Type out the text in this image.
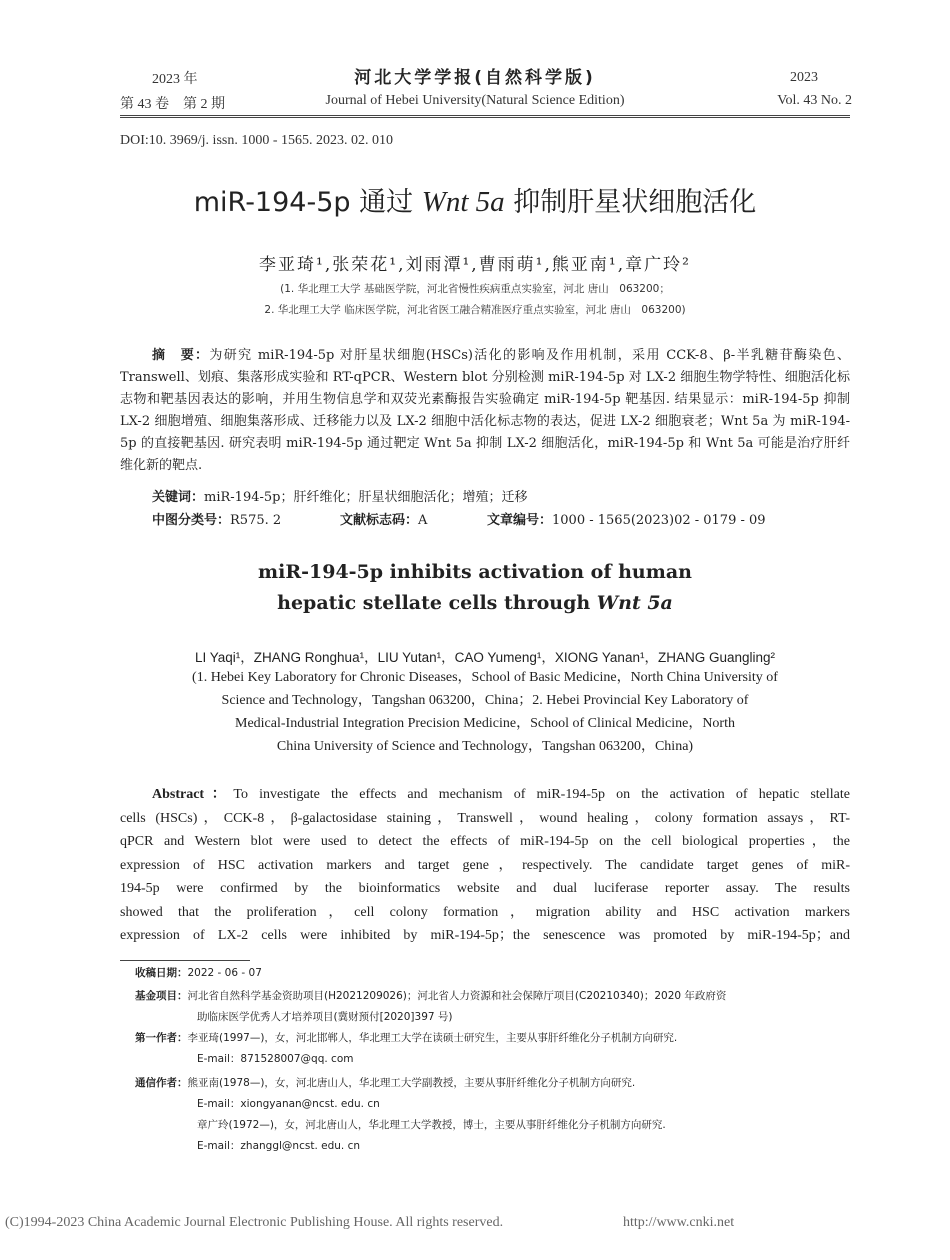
2023 年
第 43 卷　第 2 期
河北大学学报(自然科学版)
Journal of Hebei University(Natural Science Edition)
2023
Vol. 43 No. 2
DOI:10. 3969/j. issn. 1000 - 1565. 2023. 02. 010
miR-194-5p 通过 Wnt 5a 抑制肝星状细胞活化
李亚琦¹,张荣花¹,刘雨潭¹,曹雨萌¹,熊亚南¹,章广玲²
(1. 华北理工大学 基础医学院，河北省慢性疾病重点实验室，河北 唐山　063200；
2. 华北理工大学 临床医学院，河北省医工融合精准医疗重点实验室，河北 唐山　063200)
摘　要：为研究 miR-194-5p 对肝星状细胞(HSCs)活化的影响及作用机制，采用 CCK-8、β-半乳糖苷酶染色、Transwell、划痕、集落形成实验和 RT-qPCR、Western blot 分别检测 miR-194-5p 对 LX-2 细胞生物学特性、细胞活化标志物和靶基因表达的影响，并用生物信息学和双荧光素酶报告实验确定 miR-194-5p 靶基因. 结果显示：miR-194-5p 抑制 LX-2 细胞增殖、细胞集落形成、迁移能力以及 LX-2 细胞中活化标志物的表达，促进 LX-2 细胞衰老；Wnt 5a 为 miR-194-5p 的直接靶基因. 研究表明 miR-194-5p 通过靶定 Wnt 5a 抑制 LX-2 细胞活化，miR-194-5p 和 Wnt 5a 可能是治疗肝纤维化新的靶点.
关键词：miR-194-5p；肝纤维化；肝星状细胞活化；增殖；迁移
中图分类号：R575. 2	文献标志码：A	文章编号：1000 - 1565(2023)02 - 0179 - 09
miR-194-5p inhibits activation of human
hepatic stellate cells through Wnt 5a
LI Yaqi¹，ZHANG Ronghua¹，LIU Yutan¹，CAO Yumeng¹，XIONG Yanan¹，ZHANG Guangling²
(1. Hebei Key Laboratory for Chronic Diseases，School of Basic Medicine，North China University of
Science and Technology，Tangshan 063200，China；2. Hebei Provincial Key Laboratory of
Medical-Industrial Integration Precision Medicine，School of Clinical Medicine，North
China University of Science and Technology，Tangshan 063200，China)
Abstract：To investigate the effects and mechanism of miR-194-5p on the activation of hepatic stellate
cells (HSCs)，CCK-8，β-galactosidase staining，Transwell，wound healing，colony formation assays，RT-
qPCR and Western blot were used to detect the effects of miR-194-5p on the cell biological properties，the
expression of HSC activation markers and target gene，respectively. The candidate target genes of miR-
194-5p were confirmed by the bioinformatics website and dual luciferase reporter assay. The results
showed that the proliferation，cell colony formation，migration ability and HSC activation markers
expression of LX-2 cells were inhibited by miR-194-5p；the senescence was promoted by miR-194-5p；and
收稿日期：2022 - 06 - 07
基金项目：河北省自然科学基金资助项目(H2021209026)；河北省人力资源和社会保障厅项目(C20210340)；2020 年政府资
助临床医学优秀人才培养项目(冀财预付[2020]397 号)
第一作者：李亚琦(1997—)，女，河北邯郸人，华北理工大学在读硕士研究生，主要从事肝纤维化分子机制方向研究.
E-mail：871528007@qq. com
通信作者：熊亚南(1978—)，女，河北唐山人，华北理工大学副教授，主要从事肝纤维化分子机制方向研究.
E-mail：xiongyanan@ncst. edu. cn
章广玲(1972—)，女，河北唐山人，华北理工大学教授，博士，主要从事肝纤维化分子机制方向研究.
E-mail：zhanggl@ncst. edu. cn
(C)1994-2023 China Academic Journal Electronic Publishing House. All rights reserved.	http://www.cnki.net
